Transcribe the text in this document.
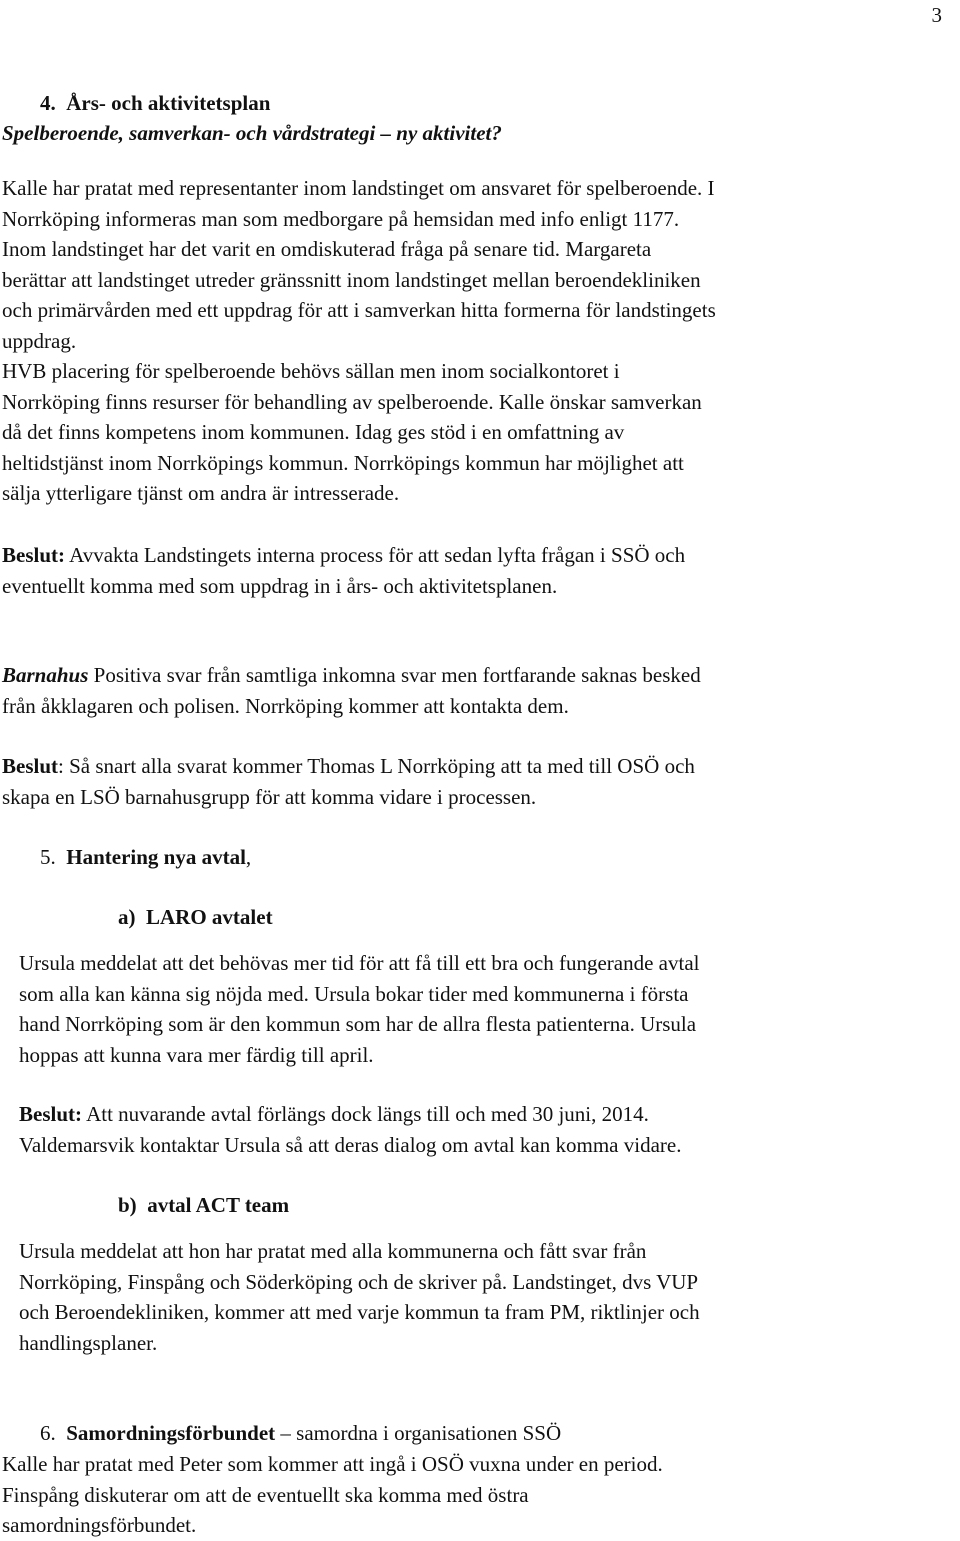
3
4. Års- och aktivitetsplan
Spelberoende, samverkan- och vårdstrategi – ny aktivitet?
Kalle har pratat med representanter inom landstinget om ansvaret för spelberoende. I
Norrköping informeras man som medborgare på hemsidan med info enligt 1177.
Inom landstinget har det varit en omdiskuterad fråga på senare tid. Margareta
berättar att landstinget utreder gränssnitt inom landstinget mellan beroendekliniken
och primärvården med ett uppdrag för att i samverkan hitta formerna för landstingets
uppdrag.
HVB placering för spelberoende behövs sällan men inom socialkontoret i
Norrköping finns resurser för behandling av spelberoende. Kalle önskar samverkan
då det finns kompetens inom kommunen. Idag ges stöd i en omfattning av
heltidstjänst inom Norrköpings kommun. Norrköpings kommun har möjlighet att
sälja ytterligare tjänst om andra är intresserade.
Beslut: Avvakta Landstingets interna process för att sedan lyfta frågan i SSÖ och
eventuellt komma med som uppdrag in i års- och aktivitetsplanen.
Barnahus Positiva svar från samtliga inkomna svar men fortfarande saknas besked
från åkklagaren och polisen. Norrköping kommer att kontakta dem.
Beslut: Så snart alla svarat kommer Thomas L Norrköping att ta med till OSÖ och
skapa en LSÖ barnahusgrupp för att komma vidare i processen.
5. Hantering nya avtal,
a) LARO avtalet
Ursula meddelat att det behövas mer tid för att få till ett bra och fungerande avtal
som alla kan känna sig nöjda med. Ursula bokar tider med kommunerna i första
hand Norrköping som är den kommun som har de allra flesta patienterna. Ursula
hoppas att kunna vara mer färdig till april.
Beslut: Att nuvarande avtal förlängs dock längs till och med 30 juni, 2014.
Valdemarsvik kontaktar Ursula så att deras dialog om avtal kan komma vidare.
b) avtal ACT team
Ursula meddelat att hon har pratat med alla kommunerna och fått svar från
Norrköping, Finspång och Söderköping och de skriver på. Landstinget, dvs VUP
och Beroendekliniken, kommer att med varje kommun ta fram PM, riktlinjer och
handlingsplaner.
6. Samordningsförbundet – samordna i organisationen SSÖ
Kalle har pratat med Peter som kommer att ingå i OSÖ vuxna under en period.
Finspång diskuterar om att de eventuellt ska komma med östra
samordningsförbundet.
